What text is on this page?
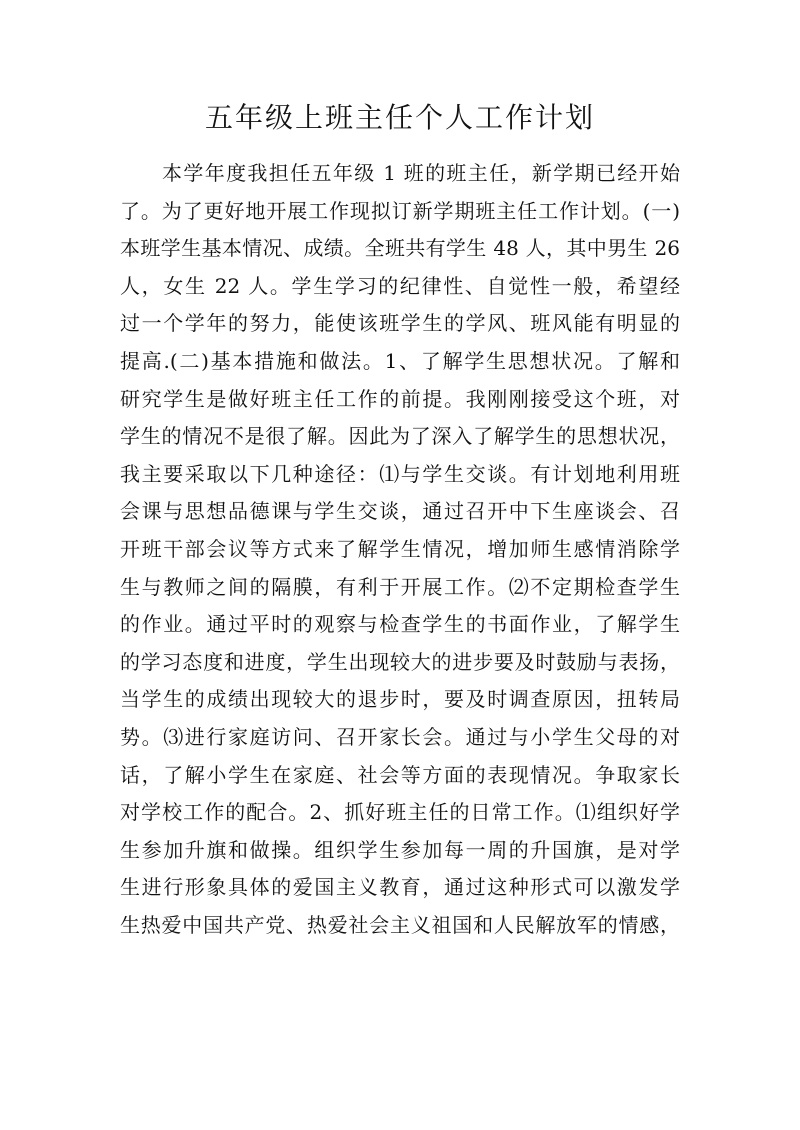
五年级上班主任个人工作计划
本学年度我担任五年级 1 班的班主任，新学期已经开始
了。为了更好地开展工作现拟订新学期班主任工作计划。(一)
本班学生基本情况、成绩。全班共有学生 48 人，其中男生 26
人，女生 22 人。学生学习的纪律性、自觉性一般，希望经
过一个学年的努力，能使该班学生的学风、班风能有明显的
提高.(二)基本措施和做法。1、了解学生思想状况。了解和
研究学生是做好班主任工作的前提。我刚刚接受这个班，对
学生的情况不是很了解。因此为了深入了解学生的思想状况，
我主要采取以下几种途径：⑴与学生交谈。有计划地利用班
会课与思想品德课与学生交谈，通过召开中下生座谈会、召
开班干部会议等方式来了解学生情况，增加师生感情消除学
生与教师之间的隔膜，有利于开展工作。⑵不定期检查学生
的作业。通过平时的观察与检查学生的书面作业，了解学生
的学习态度和进度，学生出现较大的进步要及时鼓励与表扬，
当学生的成绩出现较大的退步时，要及时调查原因，扭转局
势。⑶进行家庭访问、召开家长会。通过与小学生父母的对
话，了解小学生在家庭、社会等方面的表现情况。争取家长
对学校工作的配合。2、抓好班主任的日常工作。⑴组织好学
生参加升旗和做操。组织学生参加每一周的升国旗，是对学
生进行形象具体的爱国主义教育，通过这种形式可以激发学
生热爱中国共产党、热爱社会主义祖国和人民解放军的情感，
